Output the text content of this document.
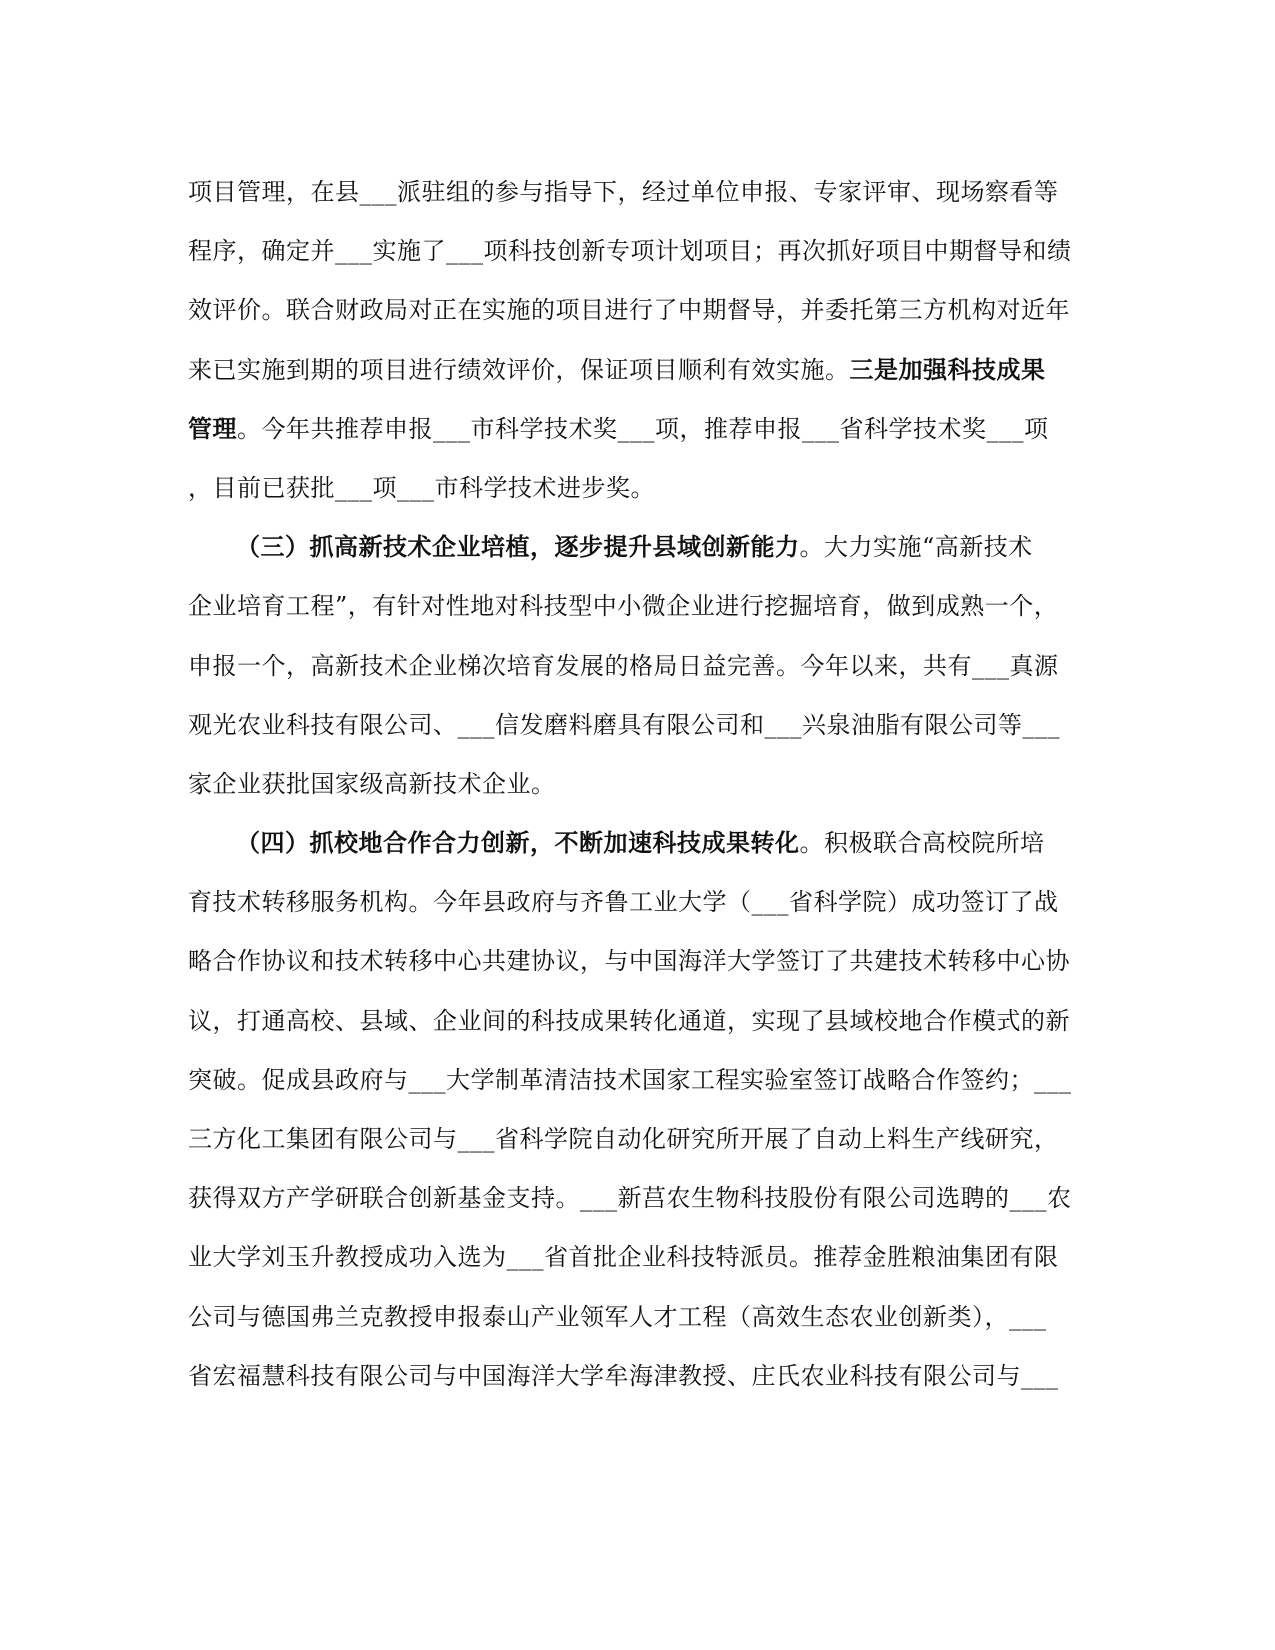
项目管理，在县___派驻组的参与指导下，经过单位申报、专家评审、现场察看等
程序，确定并___实施了___项科技创新专项计划项目；再次抓好项目中期督导和绩
效评价。联合财政局对正在实施的项目进行了中期督导，并委托第三方机构对近年
来已实施到期的项目进行绩效评价，保证项目顺利有效实施。三是加强科技成果
管理。今年共推荐申报___市科学技术奖___项，推荐申报___省科学技术奖___项
，目前已获批___项___市科学技术进步奖。
（三）抓高新技术企业培植，逐步提升县域创新能力。大力实施“高新技术
企业培育工程”，有针对性地对科技型中小微企业进行挖掘培育，做到成熟一个，
申报一个，高新技术企业梯次培育发展的格局日益完善。今年以来，共有___真源
观光农业科技有限公司、___信发磨料磨具有限公司和___兴泉油脂有限公司等___
家企业获批国家级高新技术企业。
（四）抓校地合作合力创新，不断加速科技成果转化。积极联合高校院所培
育技术转移服务机构。今年县政府与齐鲁工业大学（___省科学院）成功签订了战
略合作协议和技术转移中心共建协议，与中国海洋大学签订了共建技术转移中心协
议，打通高校、县域、企业间的科技成果转化通道，实现了县域校地合作模式的新
突破。促成县政府与___大学制革清洁技术国家工程实验室签订战略合作签约；___
三方化工集团有限公司与___省科学院自动化研究所开展了自动上料生产线研究，
获得双方产学研联合创新基金支持。___新莒农生物科技股份有限公司选聘的___农
业大学刘玉升教授成功入选为___省首批企业科技特派员。推荐金胜粮油集团有限
公司与德国弗兰克教授申报泰山产业领军人才工程（高效生态农业创新类），___
省宏福慧科技有限公司与中国海洋大学牟海津教授、庄氏农业科技有限公司与___
